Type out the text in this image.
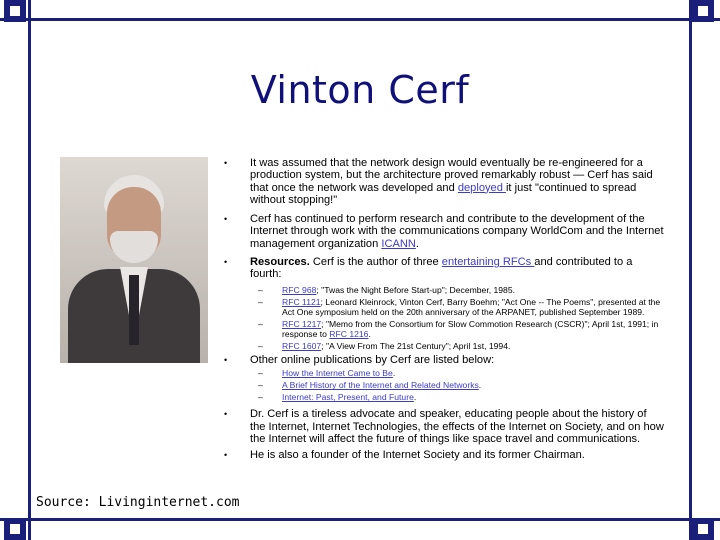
Vinton Cerf
Source: Livinginternet.com
• It was assumed that the network design would eventually be re-engineered for a production system, but the architecture proved remarkably robust — Cerf has said that once the network was developed and deployed it just "continued to spread without stopping!"
• Cerf has continued to perform research and contribute to the development of the Internet through work with the communications company WorldCom and the Internet management organization ICANN.
• Resources. Cerf is the author of three entertaining RFCs and contributed to a fourth:
– RFC 968; "Twas the Night Before Start-up"; December, 1985.
– RFC 1121; Leonard Kleinrock, Vinton Cerf, Barry Boehm; "Act One -- The Poems", presented at the Act One symposium held on the 20th anniversary of the ARPANET, published September 1989.
– RFC 1217; "Memo from the Consortium for Slow Commotion Research (CSCR)"; April 1st, 1991; in response to RFC 1216.
– RFC 1607; "A View From The 21st Century"; April 1st, 1994.
• Other online publications by Cerf are listed below:
– How the Internet Came to Be.
– A Brief History of the Internet and Related Networks.
– Internet: Past, Present, and Future.
• Dr. Cerf is a tireless advocate and speaker, educating people about the history of the Internet, Internet Technologies, the effects of the Internet on Society, and on how the Internet will affect the future of things like space travel and communications.
• He is also a founder of the Internet Society and its former Chairman.
